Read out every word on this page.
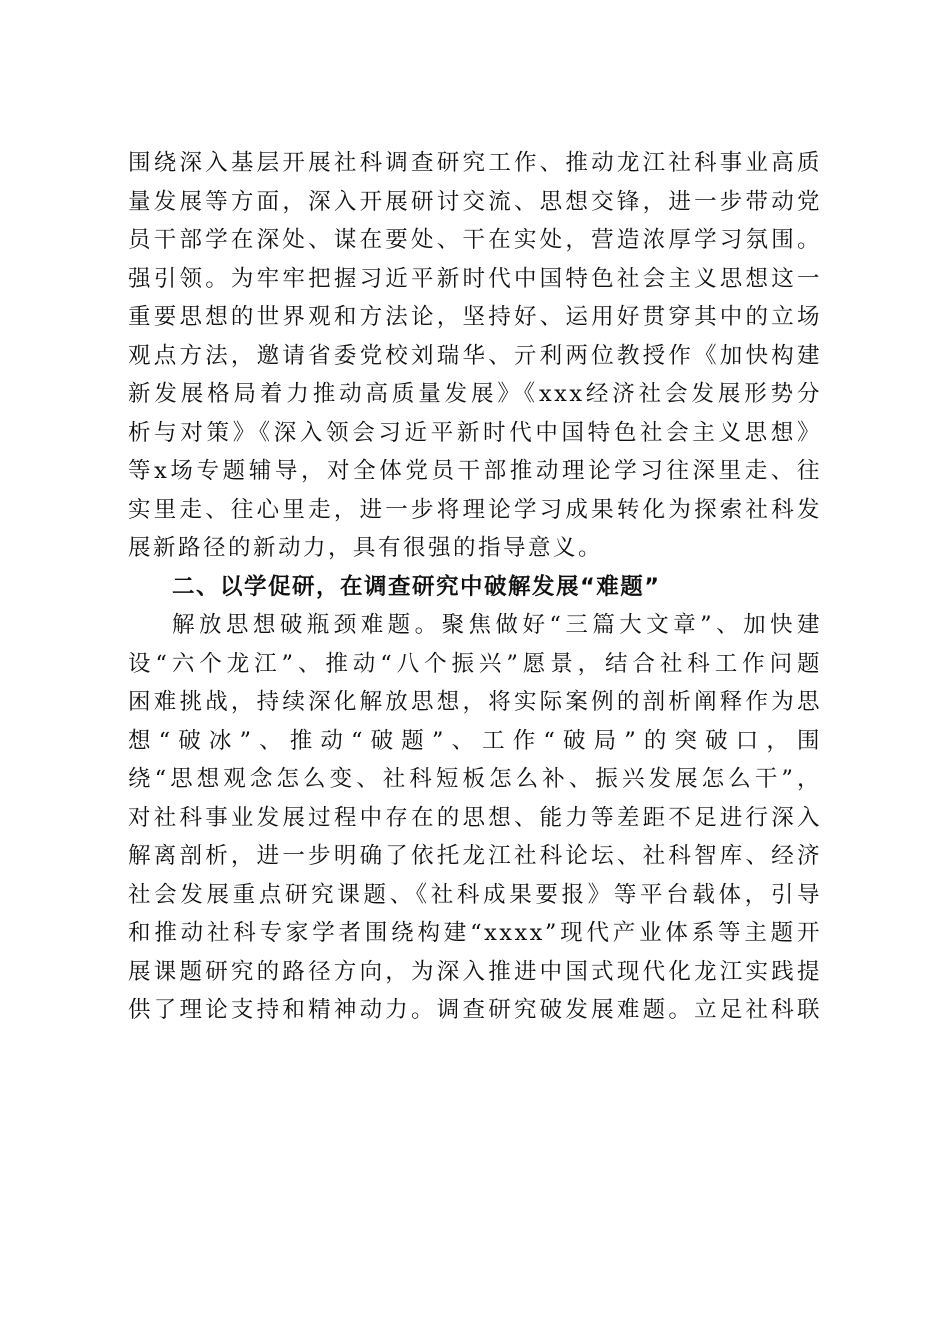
围绕深入基层开展社科调查研究工作、推动龙江社科事业高质
量发展等方面，深入开展研讨交流、思想交锋，进一步带动党
员干部学在深处、谋在要处、干在实处，营造浓厚学习氛围。
强引领。为牢牢把握习近平新时代中国特色社会主义思想这一
重要思想的世界观和方法论，坚持好、运用好贯穿其中的立场
观点方法，邀请省委党校刘瑞华、亓利两位教授作《加快构建
新发展格局着力推动高质量发展》《xxx经济社会发展形势分
析与对策》《深入领会习近平新时代中国特色社会主义思想》
等x场专题辅导，对全体党员干部推动理论学习往深里走、往
实里走、往心里走，进一步将理论学习成果转化为探索社科发
展新路径的新动力，具有很强的指导意义。
二、以学促研，在调查研究中破解发展“难题”
解放思想破瓶颈难题。聚焦做好“三篇大文章”、加快建
设“六个龙江”、推动“八个振兴”愿景，结合社科工作问题
困难挑战，持续深化解放思想，将实际案例的剖析阐释作为思
想“破冰”、推动“破题”、工作“破局”的突破口，围
绕“思想观念怎么变、社科短板怎么补、振兴发展怎么干”，
对社科事业发展过程中存在的思想、能力等差距不足进行深入
解离剖析，进一步明确了依托龙江社科论坛、社科智库、经济
社会发展重点研究课题、《社科成果要报》等平台载体，引导
和推动社科专家学者围绕构建“xxxx”现代产业体系等主题开
展课题研究的路径方向，为深入推进中国式现代化龙江实践提
供了理论支持和精神动力。调查研究破发展难题。立足社科联
